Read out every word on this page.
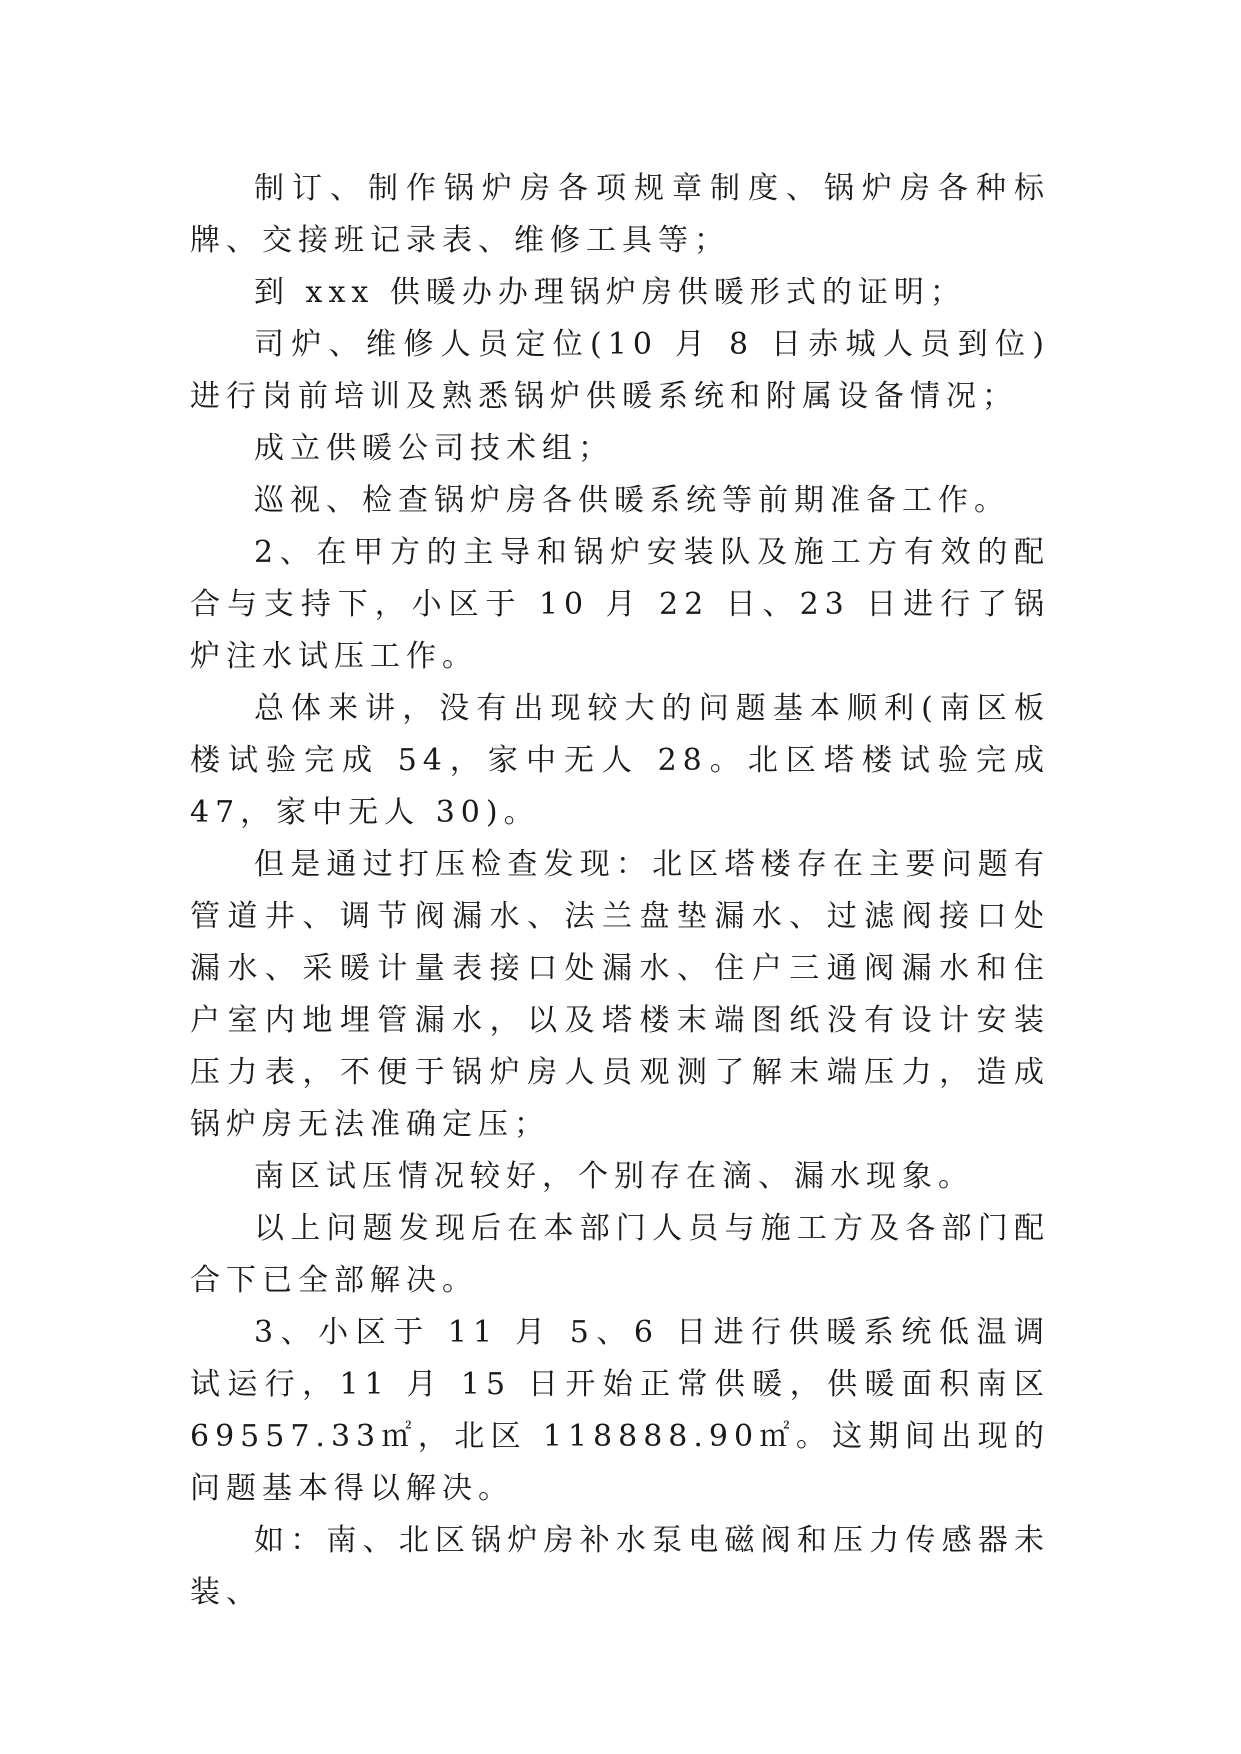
制订、制作锅炉房各项规章制度、锅炉房各种标牌、交接班记录表、维修工具等；

到 xxx 供暖办办理锅炉房供暖形式的证明；

司炉、维修人员定位(10 月 8 日赤城人员到位)进行岗前培训及熟悉锅炉供暖系统和附属设备情况；

成立供暖公司技术组；

巡视、检查锅炉房各供暖系统等前期准备工作。

2、在甲方的主导和锅炉安装队及施工方有效的配合与支持下，小区于 10 月 22 日、23 日进行了锅炉注水试压工作。

总体来讲，没有出现较大的问题基本顺利(南区板楼试验完成 54，家中无人 28。北区塔楼试验完成 47，家中无人 30)。

但是通过打压检查发现：北区塔楼存在主要问题有管道井、调节阀漏水、法兰盘垫漏水、过滤阀接口处漏水、采暖计量表接口处漏水、住户三通阀漏水和住户室内地埋管漏水，以及塔楼末端图纸没有设计安装压力表，不便于锅炉房人员观测了解末端压力，造成锅炉房无法准确定压；

南区试压情况较好，个别存在滴、漏水现象。

以上问题发现后在本部门人员与施工方及各部门配合下已全部解决。

3、小区于 11 月 5、6 日进行供暖系统低温调试运行，11 月 15 日开始正常供暖，供暖面积南区 69557.33㎡，北区 118888.90㎡。这期间出现的问题基本得以解决。

如：南、北区锅炉房补水泵电磁阀和压力传感器未装、
